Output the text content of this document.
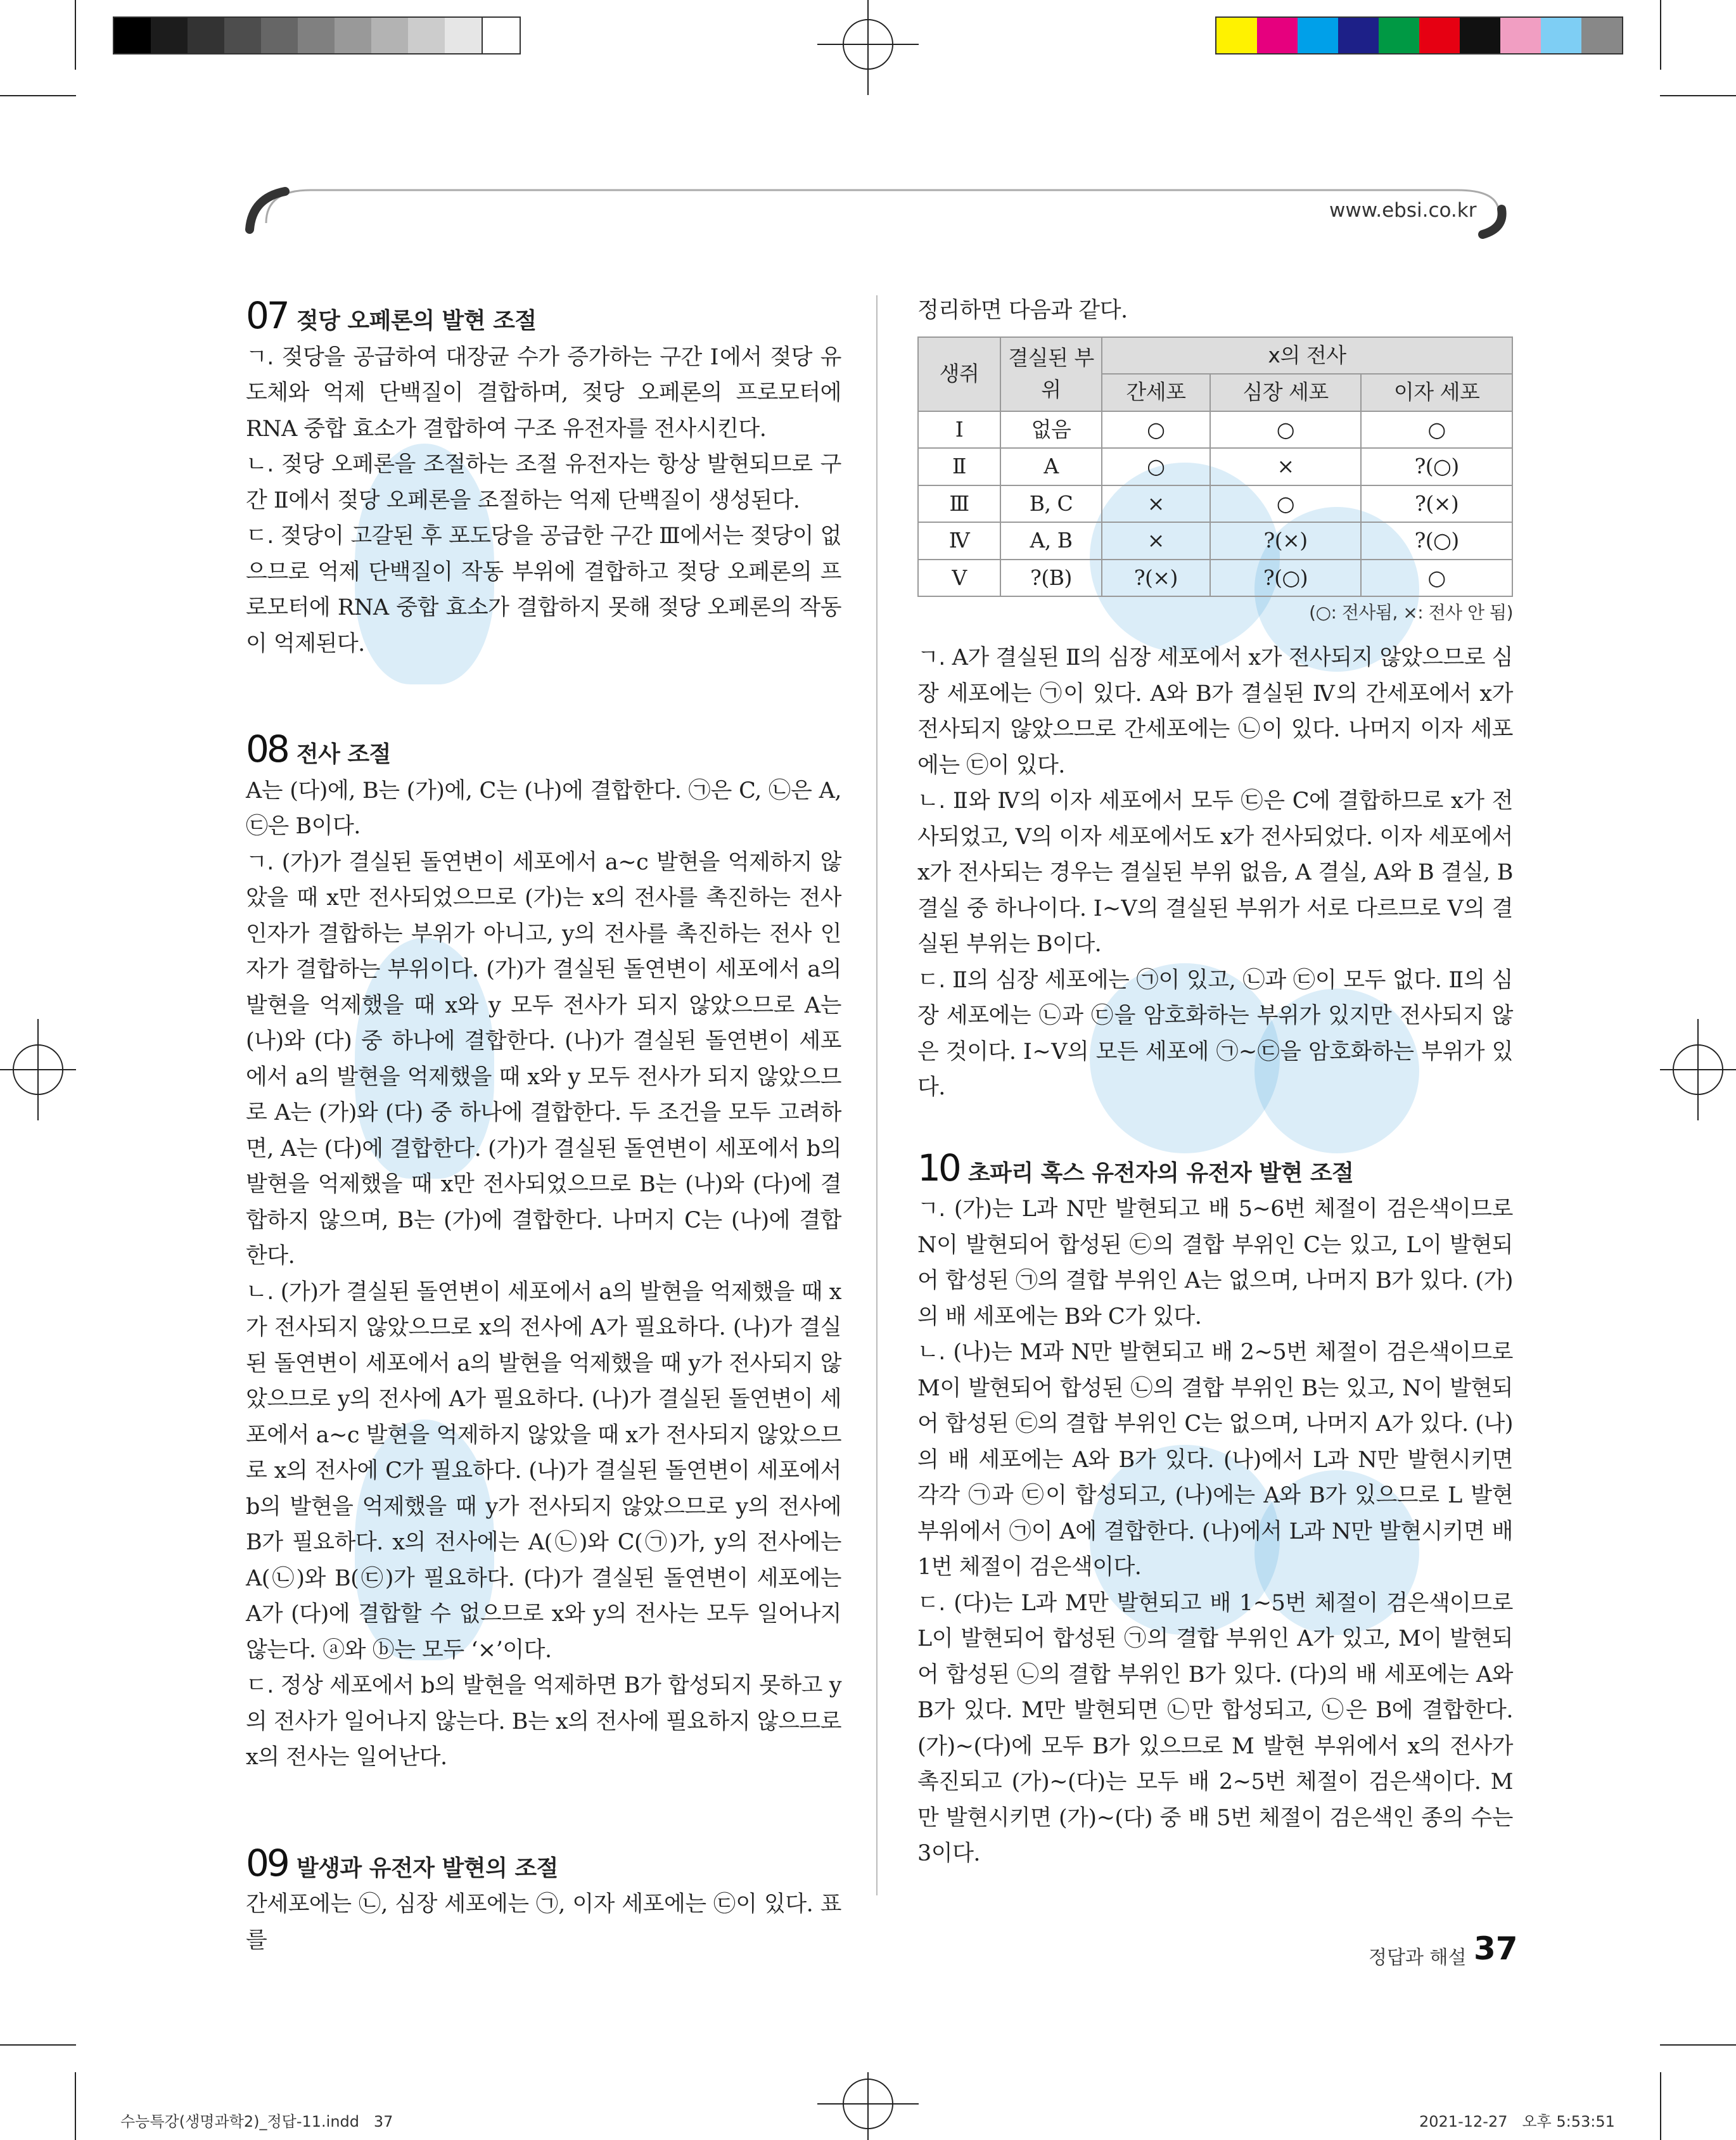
www.ebsi.co.kr
07 젖당 오페론의 발현 조절

ㄱ. 젖당을 공급하여 대장균 수가 증가하는 구간 Ⅰ에서 젖당 유도체와 억제 단백질이 결합하며, 젖당 오페론의 프로모터에 RNA 중합 효소가 결합하여 구조 유전자를 전사시킨다.

ㄴ. 젖당 오페론을 조절하는 조절 유전자는 항상 발현되므로 구간 Ⅱ에서 젖당 오페론을 조절하는 억제 단백질이 생성된다.

ㄷ. 젖당이 고갈된 후 포도당을 공급한 구간 Ⅲ에서는 젖당이 없으므로 억제 단백질이 작동 부위에 결합하고 젖당 오페론의 프로모터에 RNA 중합 효소가 결합하지 못해 젖당 오페론의 작동이 억제된다.

08 전사 조절

A는 (다)에, B는 (가)에, C는 (나)에 결합한다. ㉠은 C, ㉡은 A, ㉢은 B이다.

ㄱ. (가)가 결실된 돌연변이 세포에서 a~c 발현을 억제하지 않았을 때 x만 전사되었으므로 (가)는 x의 전사를 촉진하는 전사 인자가 결합하는 부위가 아니고, y의 전사를 촉진하는 전사 인자가 결합하는 부위이다. (가)가 결실된 돌연변이 세포에서 a의 발현을 억제했을 때 x와 y 모두 전사가 되지 않았으므로 A는 (나)와 (다) 중 하나에 결합한다. (나)가 결실된 돌연변이 세포에서 a의 발현을 억제했을 때 x와 y 모두 전사가 되지 않았으므로 A는 (가)와 (다) 중 하나에 결합한다. 두 조건을 모두 고려하면, A는 (다)에 결합한다. (가)가 결실된 돌연변이 세포에서 b의 발현을 억제했을 때 x만 전사되었으므로 B는 (나)와 (다)에 결합하지 않으며, B는 (가)에 결합한다. 나머지 C는 (나)에 결합한다.

ㄴ. (가)가 결실된 돌연변이 세포에서 a의 발현을 억제했을 때 x가 전사되지 않았으므로 x의 전사에 A가 필요하다. (나)가 결실된 돌연변이 세포에서 a의 발현을 억제했을 때 y가 전사되지 않았으므로 y의 전사에 A가 필요하다. (나)가 결실된 돌연변이 세포에서 a~c 발현을 억제하지 않았을 때 x가 전사되지 않았으므로 x의 전사에 C가 필요하다. (나)가 결실된 돌연변이 세포에서 b의 발현을 억제했을 때 y가 전사되지 않았으므로 y의 전사에 B가 필요하다. x의 전사에는 A(㉡)와 C(㉠)가, y의 전사에는 A(㉡)와 B(㉢)가 필요하다. (다)가 결실된 돌연변이 세포에는 A가 (다)에 결합할 수 없으므로 x와 y의 전사는 모두 일어나지 않는다. ⓐ와 ⓑ는 모두 ‘×’이다.

ㄷ. 정상 세포에서 b의 발현을 억제하면 B가 합성되지 못하고 y의 전사가 일어나지 않는다. B는 x의 전사에 필요하지 않으므로 x의 전사는 일어난다.

09 발생과 유전자 발현의 조절

간세포에는 ㉡, 심장 세포에는 ㉠, 이자 세포에는 ㉢이 있다. 표를

정리하면 다음과 같다.

생쥐	결실된 부위	x의 전사		
		간세포	심장 세포	이자 세포
Ⅰ	없음	○	○	○
Ⅱ	A	○	×	?(○)
Ⅲ	B, C	×	○	?(×)
Ⅳ	A, B	×	?(×)	?(○)
Ⅴ	?(B)	?(×)	?(○)	○
(○: 전사됨, ×: 전사 안 됨)

ㄱ. A가 결실된 Ⅱ의 심장 세포에서 x가 전사되지 않았으므로 심장 세포에는 ㉠이 있다. A와 B가 결실된 Ⅳ의 간세포에서 x가 전사되지 않았으므로 간세포에는 ㉡이 있다. 나머지 이자 세포에는 ㉢이 있다.

ㄴ. Ⅱ와 Ⅳ의 이자 세포에서 모두 ㉢은 C에 결합하므로 x가 전사되었고, Ⅴ의 이자 세포에서도 x가 전사되었다. 이자 세포에서 x가 전사되는 경우는 결실된 부위 없음, A 결실, A와 B 결실, B 결실 중 하나이다. Ⅰ~Ⅴ의 결실된 부위가 서로 다르므로 Ⅴ의 결실된 부위는 B이다.

ㄷ. Ⅱ의 심장 세포에는 ㉠이 있고, ㉡과 ㉢이 모두 없다. Ⅱ의 심장 세포에는 ㉡과 ㉢을 암호화하는 부위가 있지만 전사되지 않은 것이다. Ⅰ~Ⅴ의 모든 세포에 ㉠~㉢을 암호화하는 부위가 있다.

10 초파리 혹스 유전자의 유전자 발현 조절

ㄱ. (가)는 L과 N만 발현되고 배 5~6번 체절이 검은색이므로 N이 발현되어 합성된 ㉢의 결합 부위인 C는 있고, L이 발현되어 합성된 ㉠의 결합 부위인 A는 없으며, 나머지 B가 있다. (가)의 배 세포에는 B와 C가 있다.

ㄴ. (나)는 M과 N만 발현되고 배 2~5번 체절이 검은색이므로 M이 발현되어 합성된 ㉡의 결합 부위인 B는 있고, N이 발현되어 합성된 ㉢의 결합 부위인 C는 없으며, 나머지 A가 있다. (나)의 배 세포에는 A와 B가 있다. (나)에서 L과 N만 발현시키면 각각 ㉠과 ㉢이 합성되고, (나)에는 A와 B가 있으므로 L 발현 부위에서 ㉠이 A에 결합한다. (나)에서 L과 N만 발현시키면 배 1번 체절이 검은색이다.

ㄷ. (다)는 L과 M만 발현되고 배 1~5번 체절이 검은색이므로 L이 발현되어 합성된 ㉠의 결합 부위인 A가 있고, M이 발현되어 합성된 ㉡의 결합 부위인 B가 있다. (다)의 배 세포에는 A와 B가 있다. M만 발현되면 ㉡만 합성되고, ㉡은 B에 결합한다. (가)~(다)에 모두 B가 있으므로 M 발현 부위에서 x의 전사가 촉진되고 (가)~(다)는 모두 배 2~5번 체절이 검은색이다. M만 발현시키면 (가)~(다) 중 배 5번 체절이 검은색인 종의 수는 3이다.

정답과 해설 37
수능특강(생명과학2)_정답-11.indd   37	2021-12-27   오후 5:53:51
